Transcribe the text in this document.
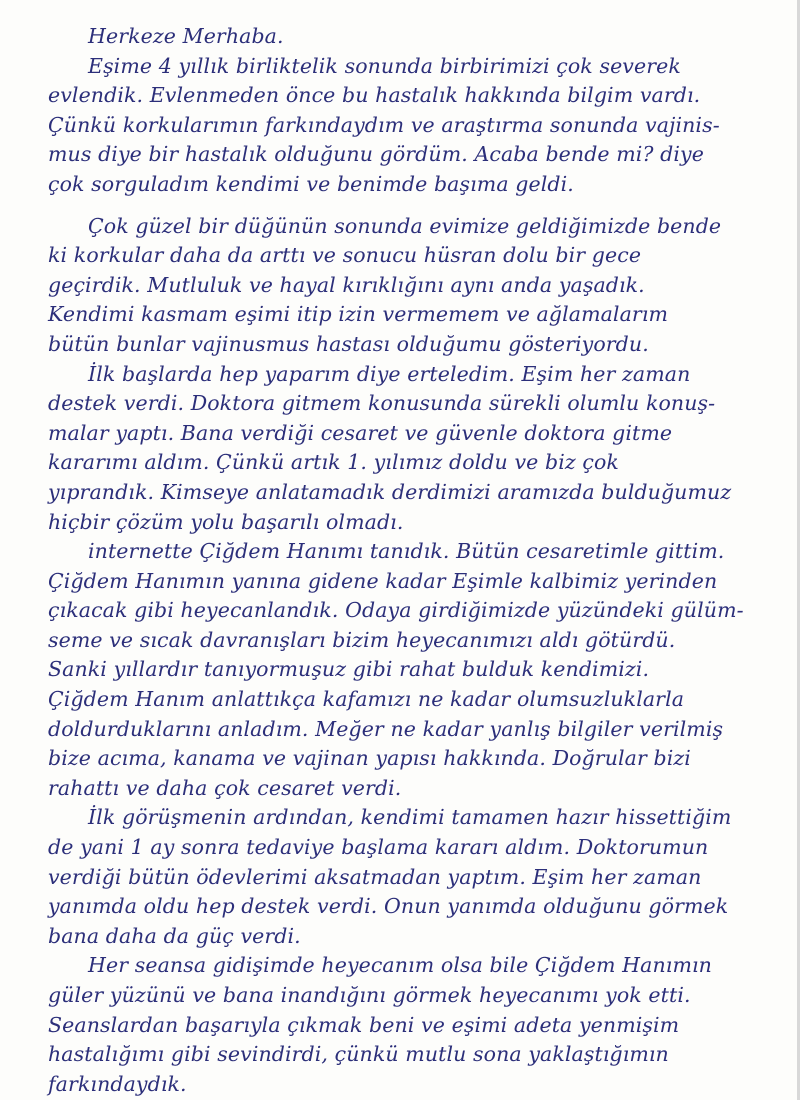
Herkeze Merhaba.
Eşime 4 yıllık birliktelik sonunda birbirimizi çok severek
evlendik. Evlenmeden önce bu hastalık hakkında bilgim vardı.
Çünkü korkularımın farkındaydım ve araştırma sonunda vajinis-
mus diye bir hastalık olduğunu gördüm. Acaba bende mi? diye
çok sorguladım kendimi ve benimde başıma geldi.
Çok güzel bir düğünün sonunda evimize geldiğimizde bende
ki korkular daha da arttı ve sonucu hüsran dolu bir gece
geçirdik. Mutluluk ve hayal kırıklığını aynı anda yaşadık.
Kendimi kasmam eşimi itip izin vermemem ve ağlamalarım
bütün bunlar vajinusmus hastası olduğumu gösteriyordu.
İlk başlarda hep yaparım diye erteledim. Eşim her zaman
destek verdi. Doktora gitmem konusunda sürekli olumlu konuş-
malar yaptı. Bana verdiği cesaret ve güvenle doktora gitme
kararımı aldım. Çünkü artık 1. yılımız doldu ve biz çok
yıprandık. Kimseye anlatamadık derdimizi aramızda bulduğumuz
hiçbir çözüm yolu başarılı olmadı.
internette Çiğdem Hanımı tanıdık. Bütün cesaretimle gittim.
Çiğdem Hanımın yanına gidene kadar Eşimle kalbimiz yerinden
çıkacak gibi heyecanlandık. Odaya girdiğimizde yüzündeki gülüm-
seme ve sıcak davranışları bizim heyecanımızı aldı götürdü.
Sanki yıllardır tanıyormuşuz gibi rahat bulduk kendimizi.
Çiğdem Hanım anlattıkça kafamızı ne kadar olumsuzluklarla
doldurduklarını anladım. Meğer ne kadar yanlış bilgiler verilmiş
bize acıma, kanama ve vajinan yapısı hakkında. Doğrular bizi
rahattı ve daha çok cesaret verdi.
İlk görüşmenin ardından, kendimi tamamen hazır hissettiğim
de yani 1 ay sonra tedaviye başlama kararı aldım. Doktorumun
verdiği bütün ödevlerimi aksatmadan yaptım. Eşim her zaman
yanımda oldu hep destek verdi. Onun yanımda olduğunu görmek
bana daha da güç verdi.
Her seansa gidişimde heyecanım olsa bile Çiğdem Hanımın
güler yüzünü ve bana inandığını görmek heyecanımı yok etti.
Seanslardan başarıyla çıkmak beni ve eşimi adeta yenmişim
hastalığımı gibi sevindirdi, çünkü mutlu sona yaklaştığımın
farkındaydık.
